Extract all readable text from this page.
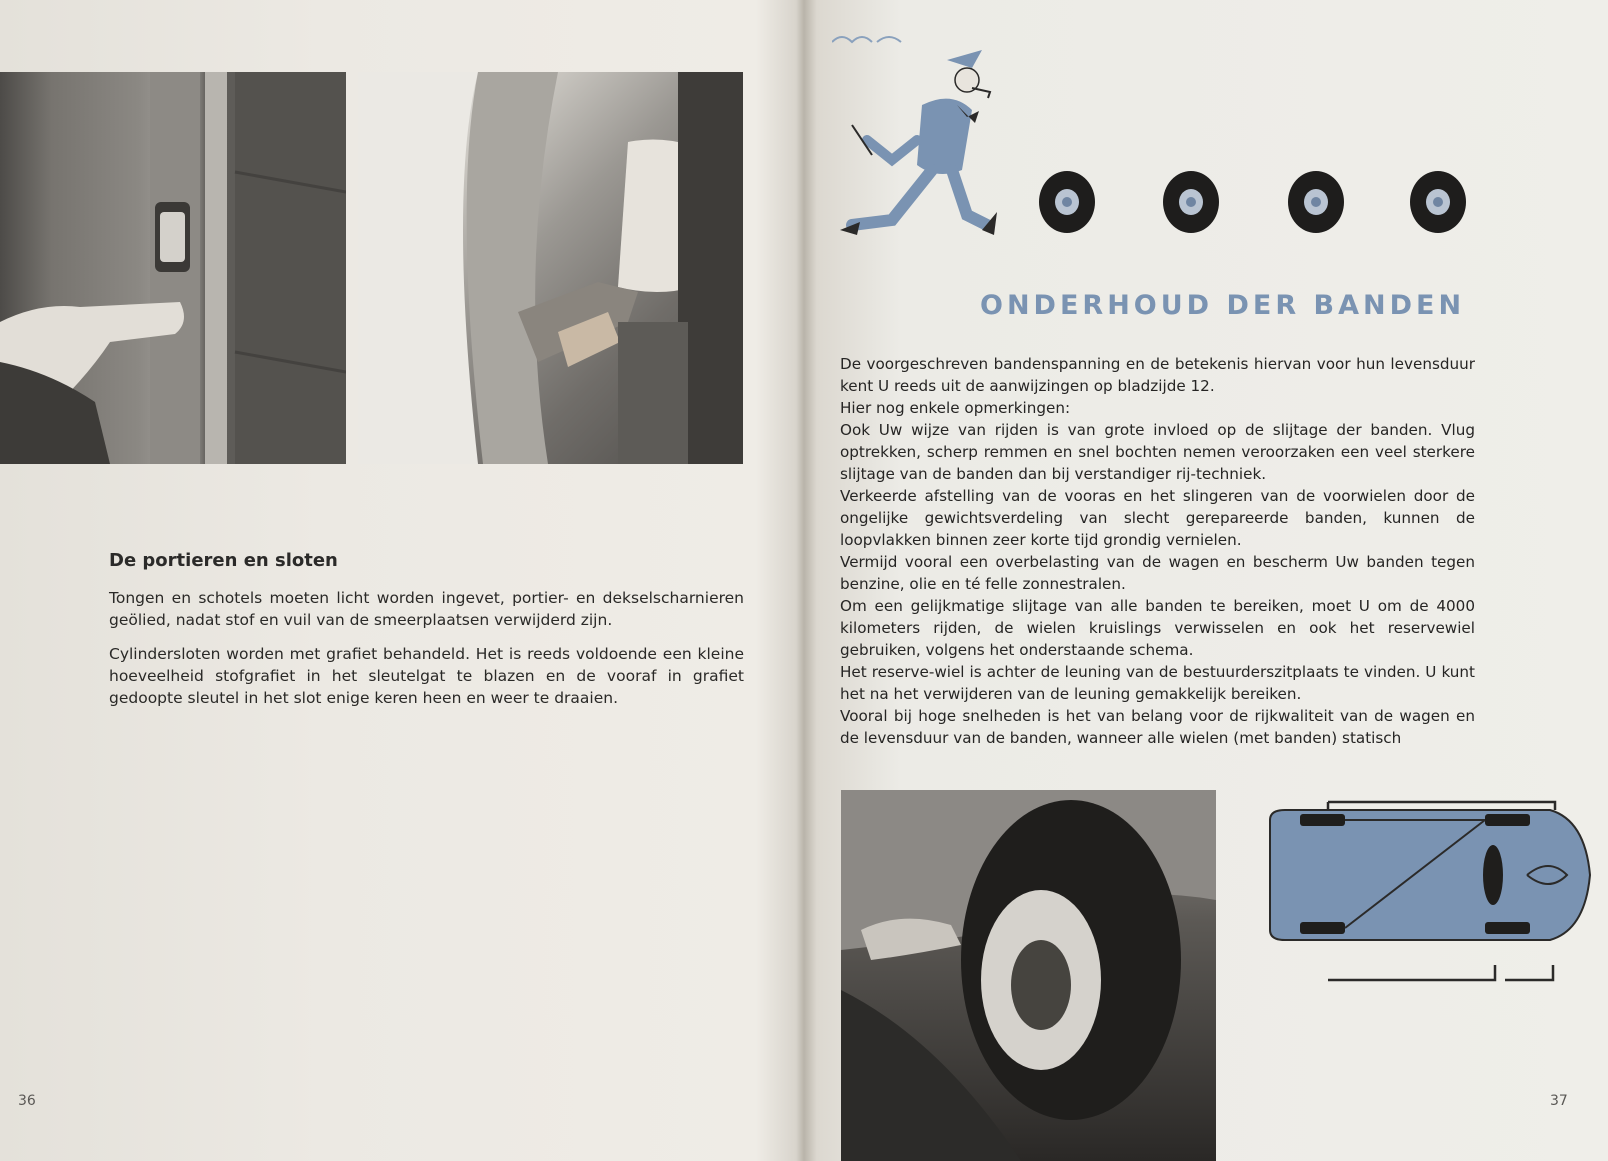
De portieren en sloten
Tongen en schotels moeten licht worden ingevet, portier- en dekselscharnieren geölied, nadat stof en vuil van de smeerplaatsen verwijderd zijn.
Cylindersloten worden met grafiet behandeld. Het is reeds voldoende een kleine hoeveelheid stofgrafiet in het sleutelgat te blazen en de vooraf in grafiet gedoopte sleutel in het slot enige keren heen en weer te draaien.
36
ONDERHOUD DER BANDEN

De voorgeschreven bandenspanning en de betekenis hiervan voor hun levensduur kent U reeds uit de aanwijzingen op bladzijde 12.

Hier nog enkele opmerkingen:

Ook Uw wijze van rijden is van grote invloed op de slijtage der banden. Vlug optrekken, scherp remmen en snel bochten nemen veroorzaken een veel sterkere slijtage van de banden dan bij verstandiger rij-techniek.

Verkeerde afstelling van de vooras en het slingeren van de voorwielen door de ongelijke gewichtsverdeling van slecht gerepareerde banden, kunnen de loopvlakken binnen zeer korte tijd grondig vernielen.

Vermijd vooral een overbelasting van de wagen en bescherm Uw banden tegen benzine, olie en té felle zonnestralen.

Om een gelijkmatige slijtage van alle banden te bereiken, moet U om de 4000 kilometers rijden, de wielen kruislings verwisselen en ook het reservewiel gebruiken, volgens het onderstaande schema.

Het reserve-wiel is achter de leuning van de bestuurderszitplaats te vinden. U kunt het na het verwijderen van de leuning gemakkelijk bereiken.

Vooral bij hoge snelheden is het van belang voor de rijkwaliteit van de wagen en de levensduur van de banden, wanneer alle wielen (met banden) statisch

37
